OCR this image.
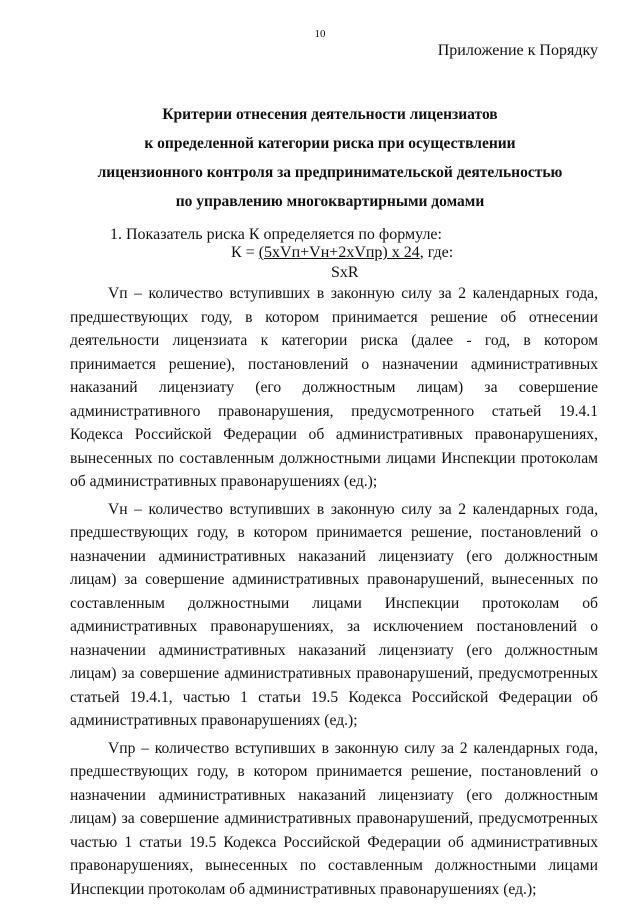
10
Приложение к Порядку
Критерии отнесения деятельности лицензиатов
к определенной категории риска при осуществлении
лицензионного контроля за предпринимательской деятельностью
по управлению многоквартирными домами
1. Показатель риска К определяется по формуле:
К = (5хVп+Vн+2хVпр) х 24, где:
SxR

Vп – количество вступивших в законную силу за 2 календарных года, предшествующих году, в котором принимается решение об отнесении деятельности лицензиата к категории риска (далее - год, в котором принимается решение), постановлений о назначении административных наказаний лицензиату (его должностным лицам) за совершение административного правонарушения, предусмотренного статьей 19.4.1 Кодекса Российской Федерации об административных правонарушениях, вынесенных по составленным должностными лицами Инспекции протоколам об административных правонарушениях (ед.);

Vн – количество вступивших в законную силу за 2 календарных года, предшествующих году, в котором принимается решение, постановлений о назначении административных наказаний лицензиату (его должностным лицам) за совершение административных правонарушений, вынесенных по составленным должностными лицами Инспекции протоколам об административных правонарушениях, за исключением постановлений о назначении административных наказаний лицензиату (его должностным лицам) за совершение административных правонарушений, предусмотренных статьей 19.4.1, частью 1 статьи 19.5 Кодекса Российской Федерации об административных правонарушениях (ед.);

Vпр – количество вступивших в законную силу за 2 календарных года, предшествующих году, в котором принимается решение, постановлений о назначении административных наказаний лицензиату (его должностным лицам) за совершение административных правонарушений, предусмотренных частью 1 статьи 19.5 Кодекса Российской Федерации об административных правонарушениях, вынесенных по составленным должностными лицами Инспекции протоколам об административных правонарушениях (ед.);
